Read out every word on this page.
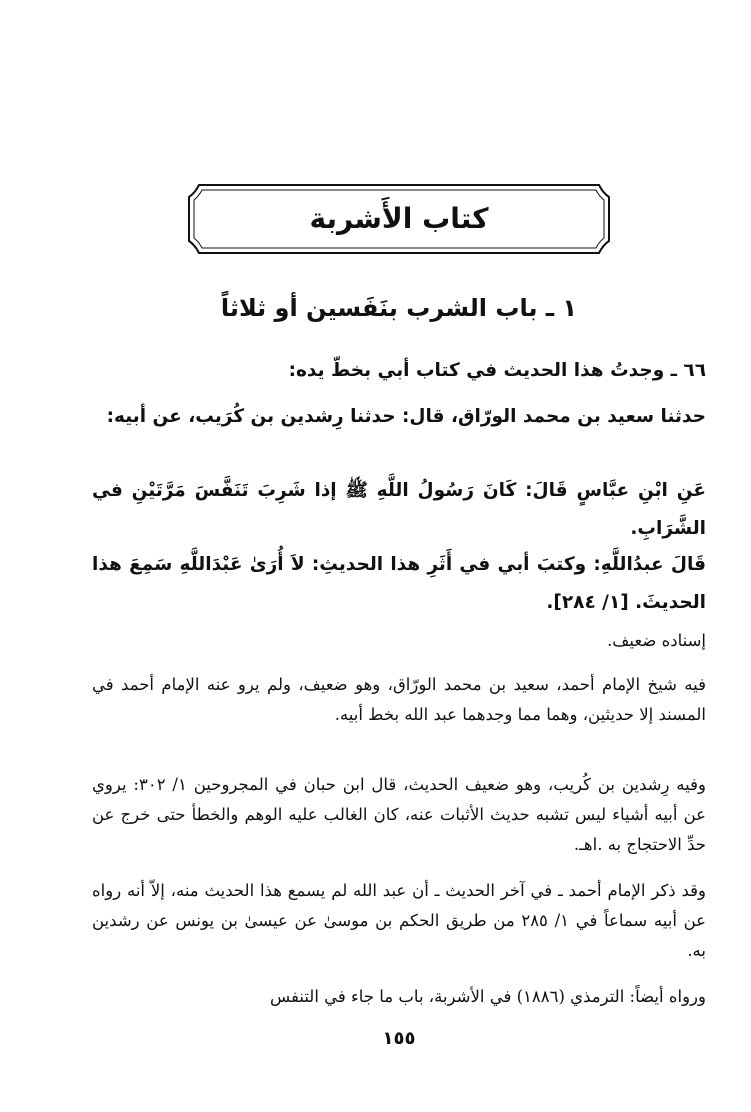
كتاب الأَشربة
١ ـ باب الشرب بنَفَسين أو ثلاثاً

٦٦ ـ وجدتُ هذا الحديث في كتاب أبي بخطّ يده:

حدثنا سعيد بن محمد الورّاق، قال: حدثنا رِشدين بن كُرَيب، عن أبيه:

عَنِ ابْنِ عبَّاسٍ قَالَ: كَانَ رَسُولُ اللَّهِ ﷺ إذا شَرِبَ تَنَفَّسَ مَرَّتَيْنِ في الشَّرَابِ.

قَالَ عبدُاللَّهِ: وكتبَ أبي في أَثَرِ هذا الحديثِ: لاَ أُرَىٰ عَبْدَاللَّهِ سَمِعَ هذا الحديثَ. [١/ ٢٨٤].

إسناده ضعيف.

فيه شيخ الإمام أحمد، سعيد بن محمد الورّاق، وهو ضعيف، ولم يرو عنه الإمام أحمد في المسند إلا حديثين، وهما مما وجدهما عبد الله بخط أبيه.

وفيه رِشدين بن كُريب، وهو ضعيف الحديث، قال ابن حبان في المجروحين ١/ ٣٠٢: يروي عن أبيه أشياء ليس تشبه حديث الأثبات عنه، كان الغالب عليه الوهم والخطأ حتى خرج عن حدِّ الاحتجاج به .اهـ.

وقد ذكر الإمام أحمد ـ في آخر الحديث ـ أن عبد الله لم يسمع هذا الحديث منه، إلاّ أنه رواه عن أبيه سماعاً في ١/ ٢٨٥ من طريق الحكم بن موسىٰ عن عيسىٰ بن يونس عن رشدين به.

ورواه أيضاً: الترمذي (١٨٨٦) في الأشربة، باب ما جاء في التنفس

١٥٥
